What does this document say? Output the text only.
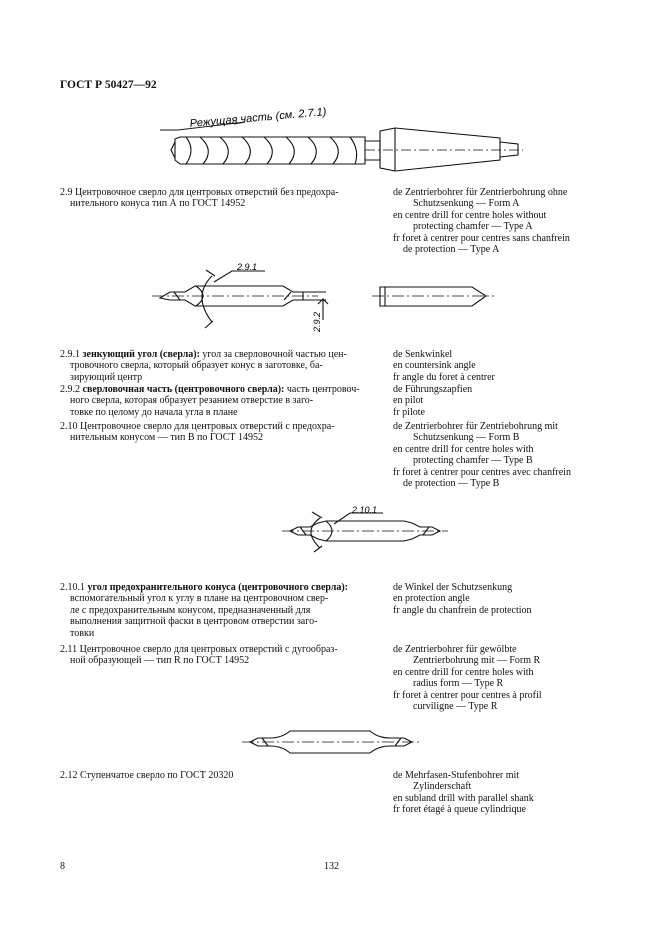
ГОСТ Р 50427—92
Режущая часть (см. 2.7.1)
2.9 Центровочное сверло для центровых отверстий без предохра-
нительного конуса тип А по ГОСТ 14952
de Zentrierbohrer für Zentrierbohrung ohne
Schutzsenkung — Form A
en centre drill for centre holes without
protecting chamfer — Type A
fr foret à centrer pour centres sans chanfrein
de protection — Type A
2.9.1
2.9.2
2.9.1 зенкующий угол (сверла): угол за сверловочной частью цен-
тровочного сверла, который образует конус в заготовке, ба-
зирующий центр
de Senkwinkel
en countersink angle
fr angle du foret à centrer
2.9.2 сверловочная часть (центровочного сверла): часть центровоч-
ного сверла, которая образует резанием отверстие в заго-
товке по целому до начала угла в плане
de Führungszapfien
en pilot
fr pilote
2.10 Центровочное сверло для центровых отверстий с предохра-
нительным конусом — тип В по ГОСТ 14952
de Zentrierbohrer für Zentriebohrung mit
Schutzsenkung — Form B
en centre drill for centre holes with
protecting chamfer — Type B
fr foret à centrer pour centres avec chanfrein
de protection — Type B
2.10.1
2.10.1 угол предохранительного конуса (центровочного сверла):
вспомогательный угол к углу в плане на центровочном свер-
ле с предохранительным конусом, предназначенный для
выполнения защитной фаски в центровом отверстии заго-
товки
de Winkel der Schutzsenkung
en protection angle
fr angle du chanfrein de protection
2.11 Центровочное сверло для центровых отверстий с дугообраз-
ной образующей — тип R по ГОСТ 14952
de Zentrierbohrer für gewölbte
Zentrierbohrung mit — Form R
en centre drill for centre holes with
radius form — Type R
fr foret à centrer pour centres à profil
curviligne — Type R
2.12 Ступенчатое сверло по ГОСТ 20320	de Mehrfasen-Stufenbohrer mit
Zylinderschaft
en subland drill with parallel shank
fr foret étagé à queue cylindrique
8	132
